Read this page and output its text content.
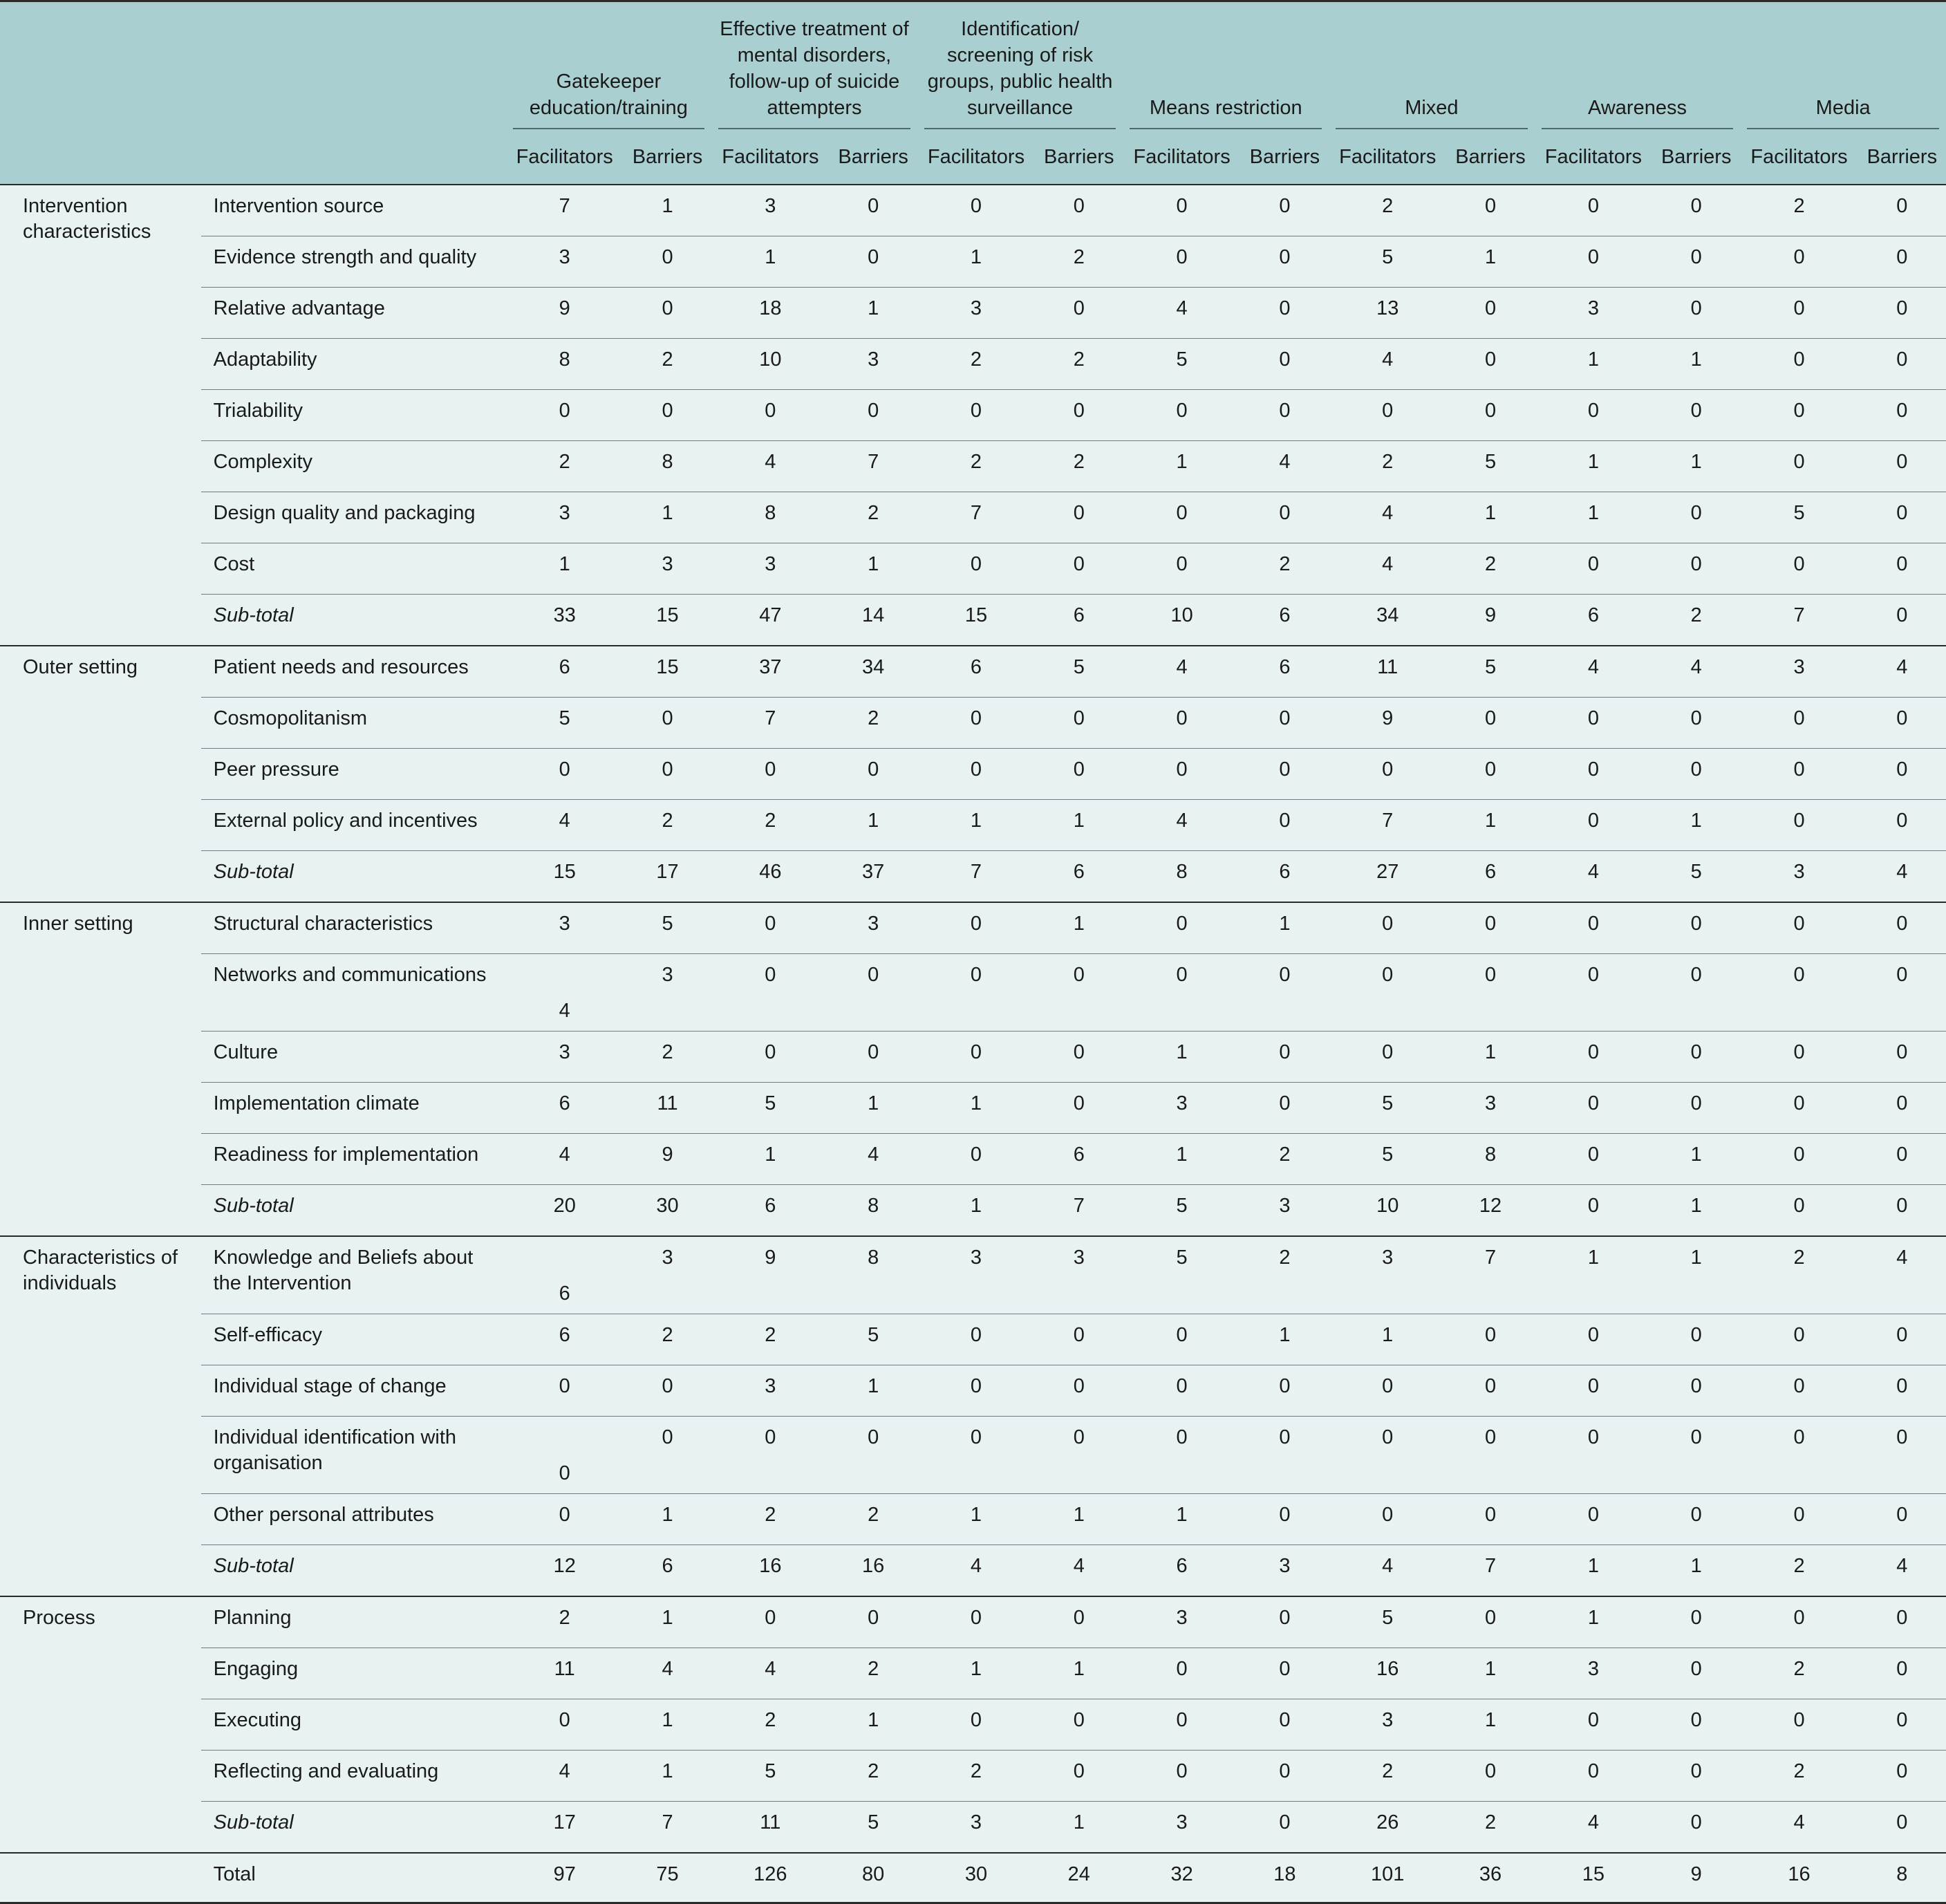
		Gatekeeper education/training		Effective treatment of mental disorders, follow-up of suicide attempters		Identification/ screening of risk groups, public health surveillance		Means restriction		Mixed		Awareness		Media	

		Facilitators	Barriers	Facilitators	Barriers	Facilitators	Barriers	Facilitators	Barriers	Facilitators	Barriers	Facilitators	Barriers	Facilitators	Barriers
Intervention characteristics	Intervention source	7	1	3	0	0	0	0	0	2	0	0	0	2	0
	Evidence strength and quality	3	0	1	0	1	2	0	0	5	1	0	0	0	0
	Relative advantage	9	0	18	1	3	0	4	0	13	0	3	0	0	0
	Adaptability	8	2	10	3	2	2	5	0	4	0	1	1	0	0
	Trialability	0	0	0	0	0	0	0	0	0	0	0	0	0	0
	Complexity	2	8	4	7	2	2	1	4	2	5	1	1	0	0
	Design quality and packaging	3	1	8	2	7	0	0	0	4	1	1	0	5	0
	Cost	1	3	3	1	0	0	0	2	4	2	0	0	0	0
	Sub-total	33	15	47	14	15	6	10	6	34	9	6	2	7	0
Outer setting	Patient needs and resources	6	15	37	34	6	5	4	6	11	5	4	4	3	4
	Cosmopolitanism	5	0	7	2	0	0	0	0	9	0	0	0	0	0
	Peer pressure	0	0	0	0	0	0	0	0	0	0	0	0	0	0
	External policy and incentives	4	2	2	1	1	1	4	0	7	1	0	1	0	0
	Sub-total	15	17	46	37	7	6	8	6	27	6	4	5	3	4
Inner setting	Structural characteristics	3	5	0	3	0	1	0	1	0	0	0	0	0	0
	Networks and communications	4	3	0	0	0	0	0	0	0	0	0	0	0	0
	Culture	3	2	0	0	0	0	1	0	0	1	0	0	0	0
	Implementation climate	6	11	5	1	1	0	3	0	5	3	0	0	0	0
	Readiness for implementation	4	9	1	4	0	6	1	2	5	8	0	1	0	0
	Sub-total	20	30	6	8	1	7	5	3	10	12	0	1	0	0
Characteristics of individuals	Knowledge and Beliefs about the Intervention	6	3	9	8	3	3	5	2	3	7	1	1	2	4
	Self-efficacy	6	2	2	5	0	0	0	1	1	0	0	0	0	0
	Individual stage of change	0	0	3	1	0	0	0	0	0	0	0	0	0	0
	Individual identification with organisation	0	0	0	0	0	0	0	0	0	0	0	0	0	0
	Other personal attributes	0	1	2	2	1	1	1	0	0	0	0	0	0	0
	Sub-total	12	6	16	16	4	4	6	3	4	7	1	1	2	4
Process	Planning	2	1	0	0	0	0	3	0	5	0	1	0	0	0
	Engaging	11	4	4	2	1	1	0	0	16	1	3	0	2	0
	Executing	0	1	2	1	0	0	0	0	3	1	0	0	0	0
	Reflecting and evaluating	4	1	5	2	2	0	0	0	2	0	0	0	2	0
	Sub-total	17	7	11	5	3	1	3	0	26	2	4	0	4	0
	Total	97	75	126	80	30	24	32	18	101	36	15	9	16	8
